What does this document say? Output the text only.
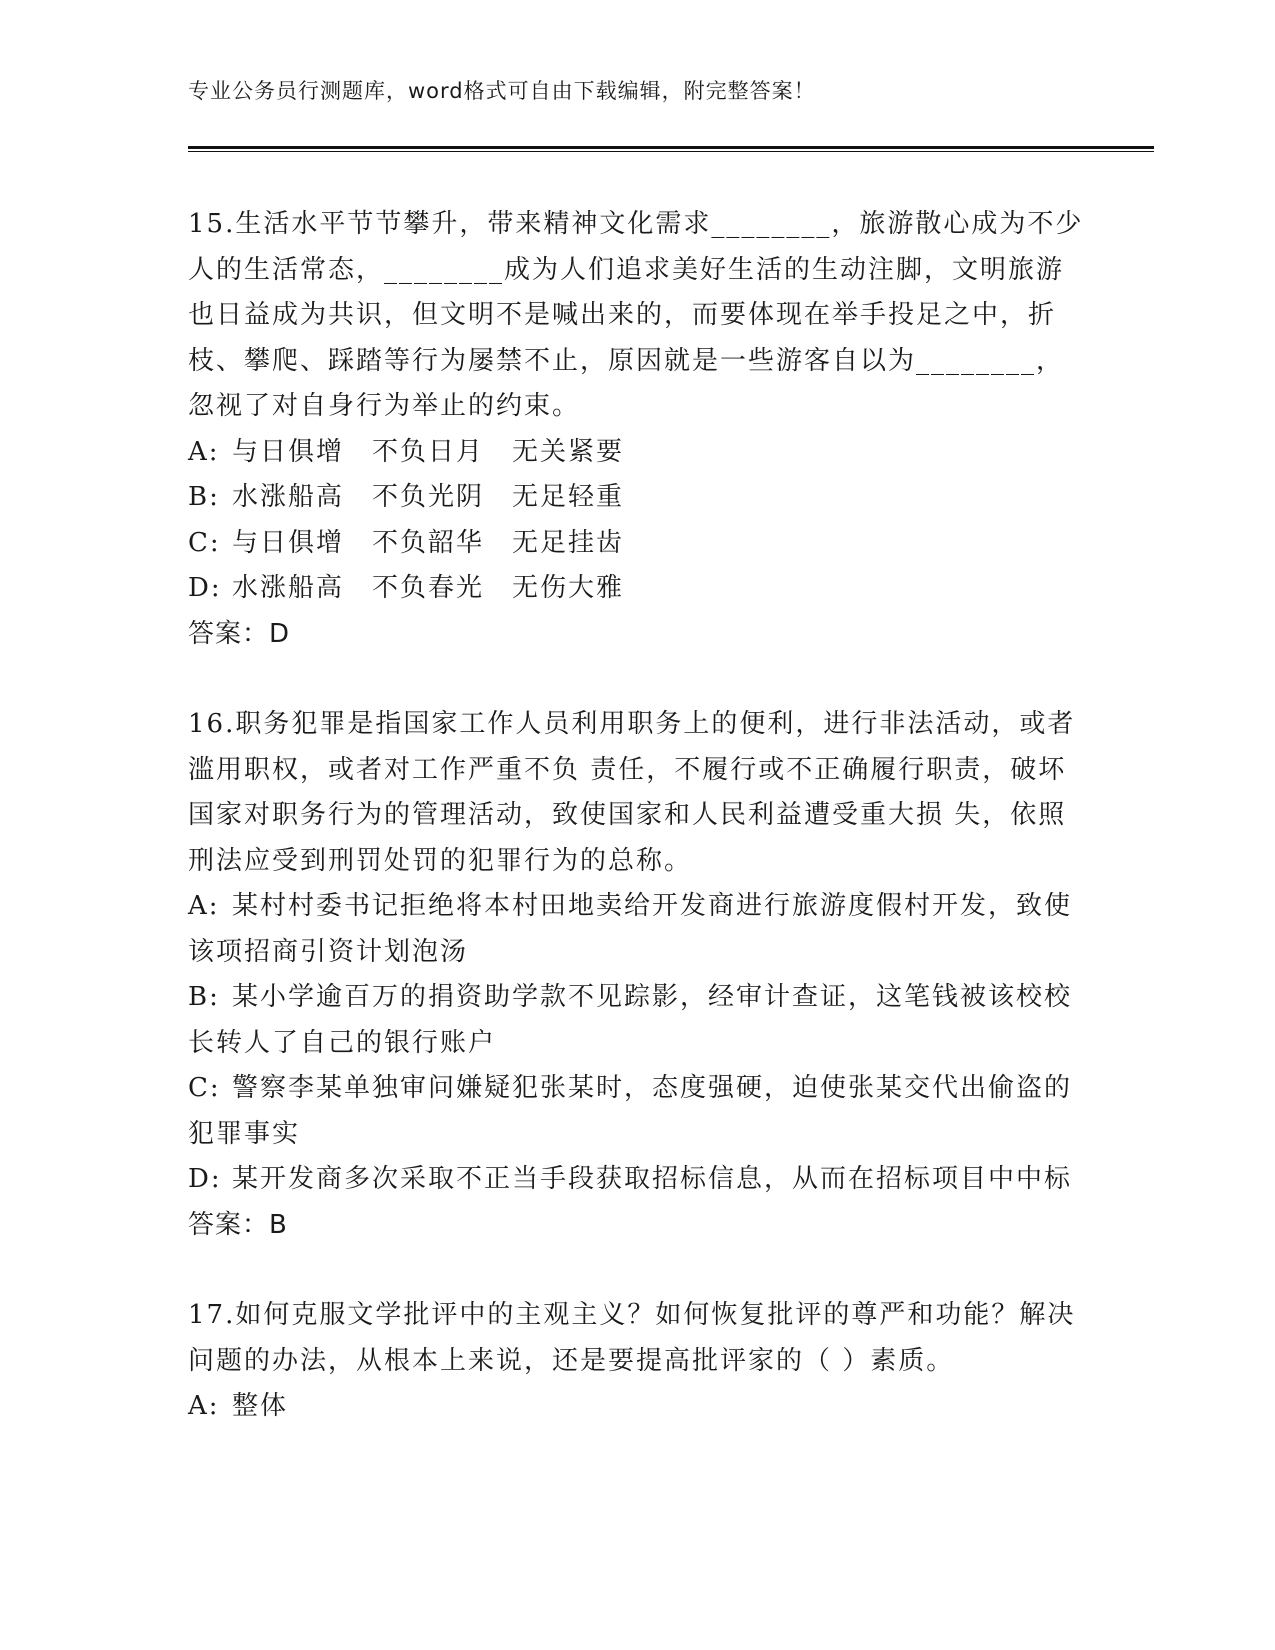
专业公务员行测题库，word格式可自由下载编辑，附完整答案！

15.生活水平节节攀升，带来精神文化需求________，旅游散心成为不少人的生活常态，________成为人们追求美好生活的生动注脚，文明旅游也日益成为共识，但文明不是喊出来的，而要体现在举手投足之中，折枝、攀爬、踩踏等行为屡禁不止，原因就是一些游客自以为________，忽视了对自身行为举止的约束。

A: 与日俱增　不负日月　无关紧要

B: 水涨船高　不负光阴　无足轻重

C: 与日俱增　不负韶华　无足挂齿

D: 水涨船高　不负春光　无伤大雅

答案：D

16.职务犯罪是指国家工作人员利用职务上的便利，进行非法活动，或者滥用职权，或者对工作严重不负 责任，不履行或不正确履行职责，破坏国家对职务行为的管理活动，致使国家和人民利益遭受重大损 失，依照刑法应受到刑罚处罚的犯罪行为的总称。

A: 某村村委书记拒绝将本村田地卖给开发商进行旅游度假村开发，致使该项招商引资计划泡汤

B: 某小学逾百万的捐资助学款不见踪影，经审计查证，这笔钱被该校校长转人了自己的银行账户

C: 警察李某单独审问嫌疑犯张某时，态度强硬，迫使张某交代出偷盗的犯罪事实

D: 某开发商多次采取不正当手段获取招标信息，从而在招标项目中中标

答案：B

17.如何克服文学批评中的主观主义？如何恢复批评的尊严和功能？解决问题的办法，从根本上来说，还是要提高批评家的（ ）素质。

A: 整体
